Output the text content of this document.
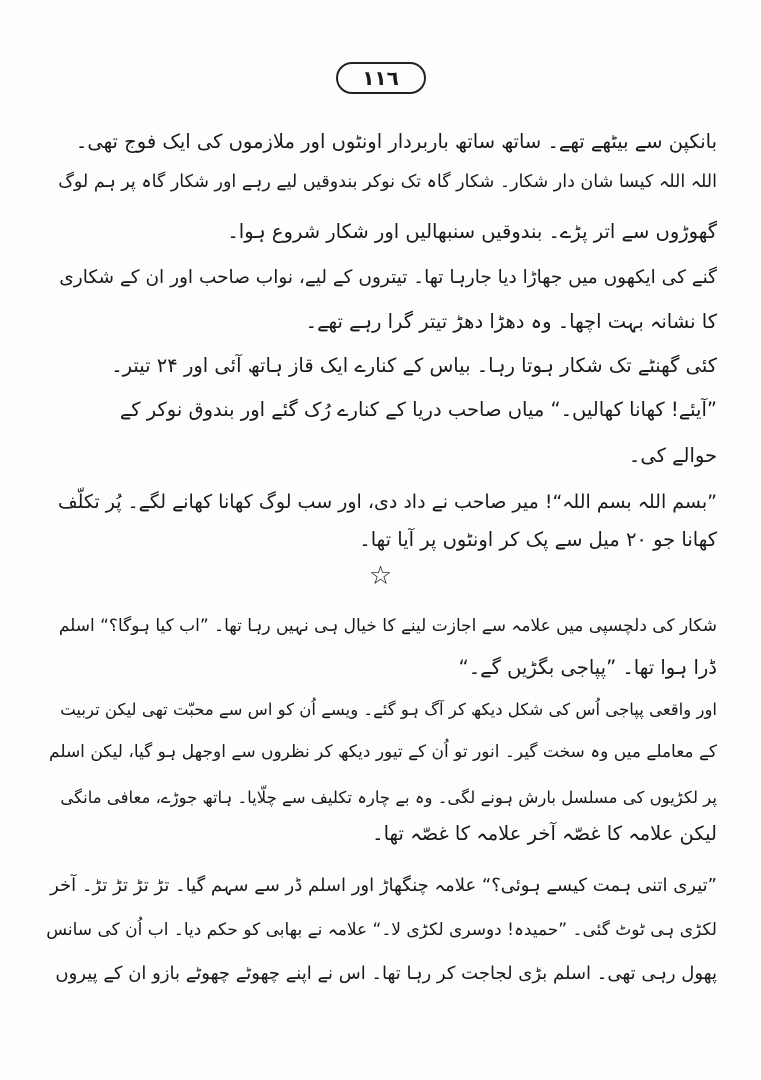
١١٦
بانکپن سے بیٹھے تھے۔ ساتھ ساتھ باربردار اونٹوں اور ملازموں کی ایک فوج تھی۔
اللہ اللہ کیسا شان دار شکار۔ شکار گاہ تک نوکر بندوقیں لیے رہے اور شکار گاہ پر ہم لوگ
گھوڑوں سے اتر پڑے۔ بندوقیں سنبھالیں اور شکار شروع ہوا۔
گنے کی ایکھوں میں جھاڑا دیا جارہا تھا۔ تیتروں کے لیے، نواب صاحب اور ان کے شکاری
کا نشانہ بہت اچھا۔ وہ دھڑا دھڑ تیتر گرا رہے تھے۔
کئی گھنٹے تک شکار ہوتا رہا۔ بیاس کے کنارے ایک قاز ہاتھ آئی اور ۲۴ تیتر۔
”آیئے! کھانا کھالیں۔“ میاں صاحب دریا کے کنارے رُک گئے اور بندوق نوکر کے
حوالے کی۔
”بسم اللہ بسم اللہ“! میر صاحب نے داد دی، اور سب لوگ کھانا کھانے لگے۔ پُر تکلّف
کھانا جو ۲۰ میل سے پک کر اونٹوں پر آیا تھا۔
☆
شکار کی دلچسپی میں علامہ سے اجازت لینے کا خیال ہی نہیں رہا تھا۔ ”اب کیا ہوگا؟“ اسلم
ڈرا ہوا تھا۔ ”پپاجی بگڑیں گے۔“
اور واقعی پپاجی اُس کی شکل دیکھ کر آگ ہو گئے۔ ویسے اُن کو اس سے محبّت تھی لیکن تربیت
کے معاملے میں وہ سخت گیر۔ انور تو اُن کے تیور دیکھ کر نظروں سے اوجھل ہو گیا، لیکن اسلم
پر لکڑیوں کی مسلسل بارش ہونے لگی۔ وہ بے چارہ تکلیف سے چلّایا۔ ہاتھ جوڑے، معافی مانگی
لیکن علامہ کا غصّہ آخر علامہ کا غصّہ تھا۔
”تیری اتنی ہمت کیسے ہوئی؟“ علامہ چنگھاڑ اور اسلم ڈر سے سہم گیا۔ تڑ تڑ تڑ تڑ۔ آخر
لکڑی ہی ٹوٹ گئی۔ ”حمیدہ! دوسری لکڑی لا۔“ علامہ نے بھابی کو حکم دیا۔ اب اُن کی سانس
پھول رہی تھی۔ اسلم بڑی لجاجت کر رہا تھا۔ اس نے اپنے چھوٹے چھوٹے بازو ان کے پیروں
